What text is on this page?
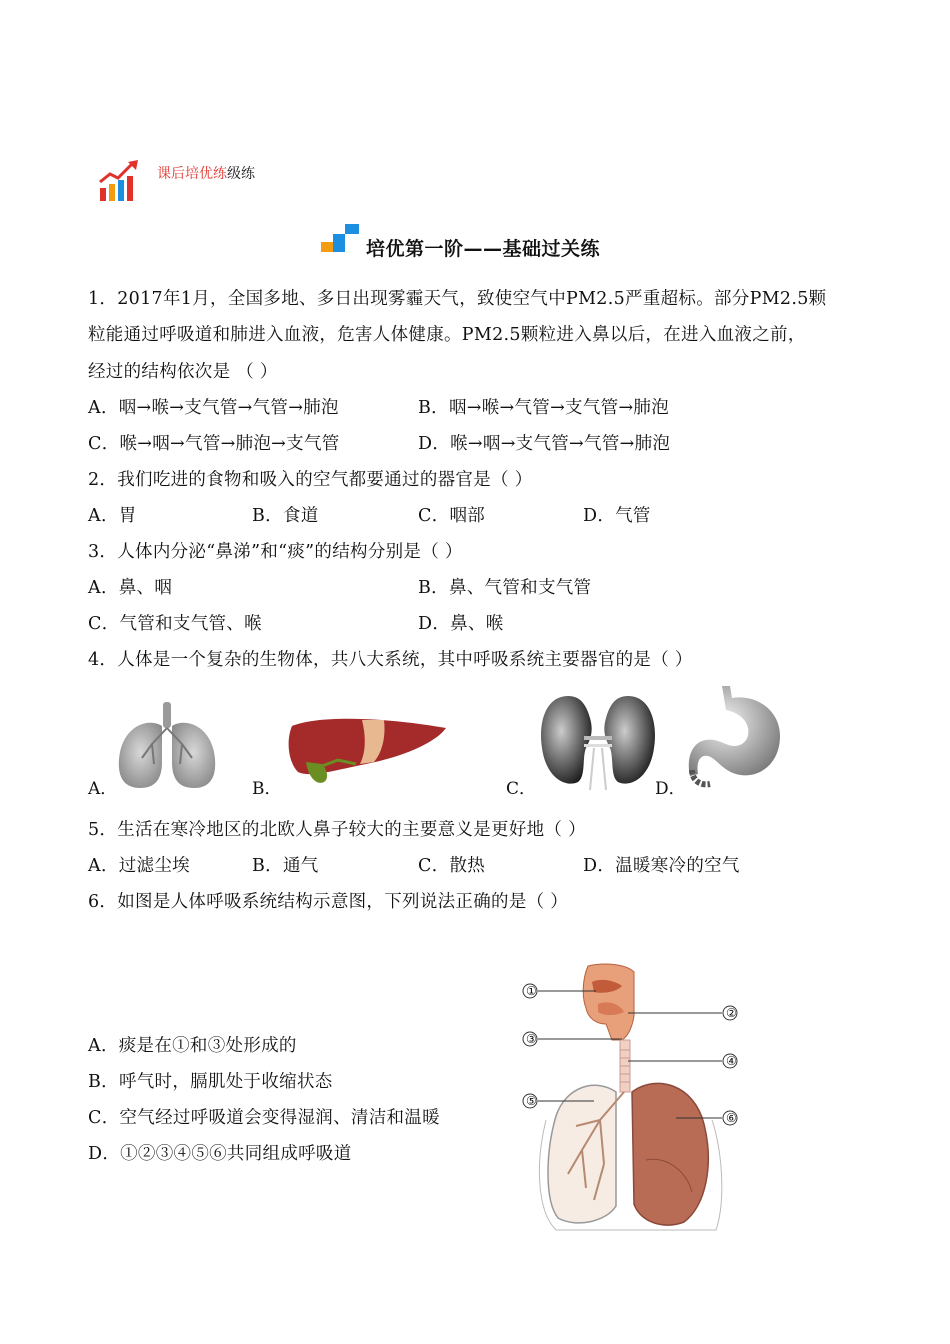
课后培优练级练
培优第一阶——基础过关练
1．2017年1月，全国多地、多日出现雾霾天气，致使空气中PM2.5严重超标。部分PM2.5颗
粒能通过呼吸道和肺进入血液，危害人体健康。PM2.5颗粒进入鼻以后，在进入血液之前，
经过的结构依次是 （ ）
A．咽→喉→支气管→气管→肺泡	B．咽→喉→气管→支气管→肺泡
C．喉→咽→气管→肺泡→支气管	D．喉→咽→支气管→气管→肺泡
2．我们吃进的食物和吸入的空气都要通过的器官是（ ）
A．胃	B．食道	C．咽部	D．气管
3．人体内分泌“鼻涕”和“痰”的结构分别是（ ）
A．鼻、咽	B．鼻、气管和支气管
C．气管和支气管、喉	D．鼻、喉
4．人体是一个复杂的生物体，共八大系统，其中呼吸系统主要器官的是（ ）
A．	B．	C．	D．
5．生活在寒冷地区的北欧人鼻子较大的主要意义是更好地（ ）
A．过滤尘埃	B．通气	C．散热	D．温暖寒冷的空气
6．如图是人体呼吸系统结构示意图，下列说法正确的是（ ）
A．痰是在①和③处形成的
B．呼气时，膈肌处于收缩状态
C．空气经过呼吸道会变得湿润、清洁和温暖
D．①②③④⑤⑥共同组成呼吸道
①
②
③
④
⑤
⑥
